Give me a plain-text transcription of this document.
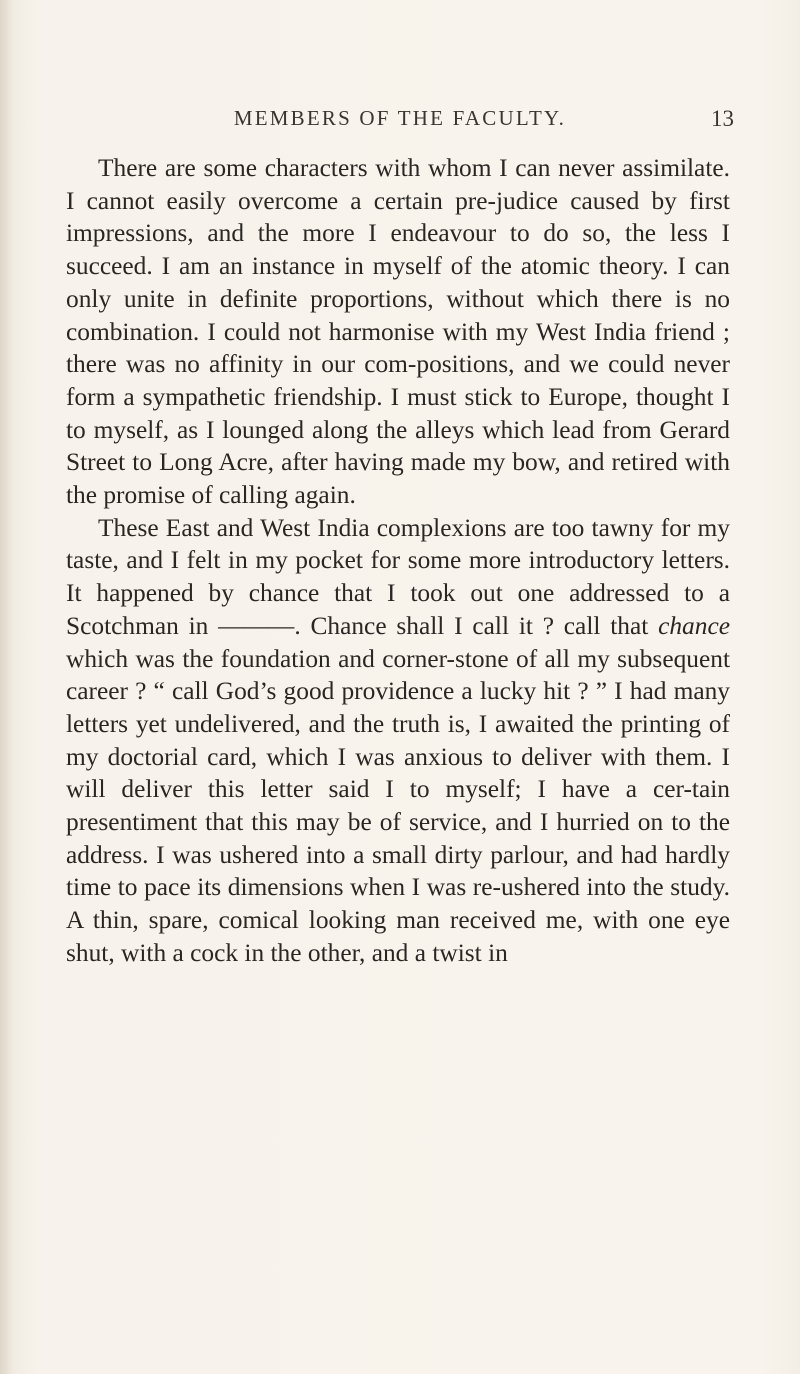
MEMBERS OF THE FACULTY.	13

There are some characters with whom I can never assimilate. I cannot easily overcome a certain pre-judice caused by first impressions, and the more I endeavour to do so, the less I succeed. I am an instance in myself of the atomic theory. I can only unite in definite proportions, without which there is no combination. I could not harmonise with my West India friend ; there was no affinity in our com-positions, and we could never form a sympathetic friendship. I must stick to Europe, thought I to myself, as I lounged along the alleys which lead from Gerard Street to Long Acre, after having made my bow, and retired with the promise of calling again.

These East and West India complexions are too tawny for my taste, and I felt in my pocket for some more introductory letters. It happened by chance that I took out one addressed to a Scotchman in ———. Chance shall I call it ? call that chance which was the foundation and corner-stone of all my subsequent career ? “ call God’s good providence a lucky hit ? ” I had many letters yet undelivered, and the truth is, I awaited the printing of my doctorial card, which I was anxious to deliver with them. I will deliver this letter said I to myself; I have a cer-tain presentiment that this may be of service, and I hurried on to the address. I was ushered into a small dirty parlour, and had hardly time to pace its dimensions when I was re-ushered into the study. A thin, spare, comical looking man received me, with one eye shut, with a cock in the other, and a twist in
